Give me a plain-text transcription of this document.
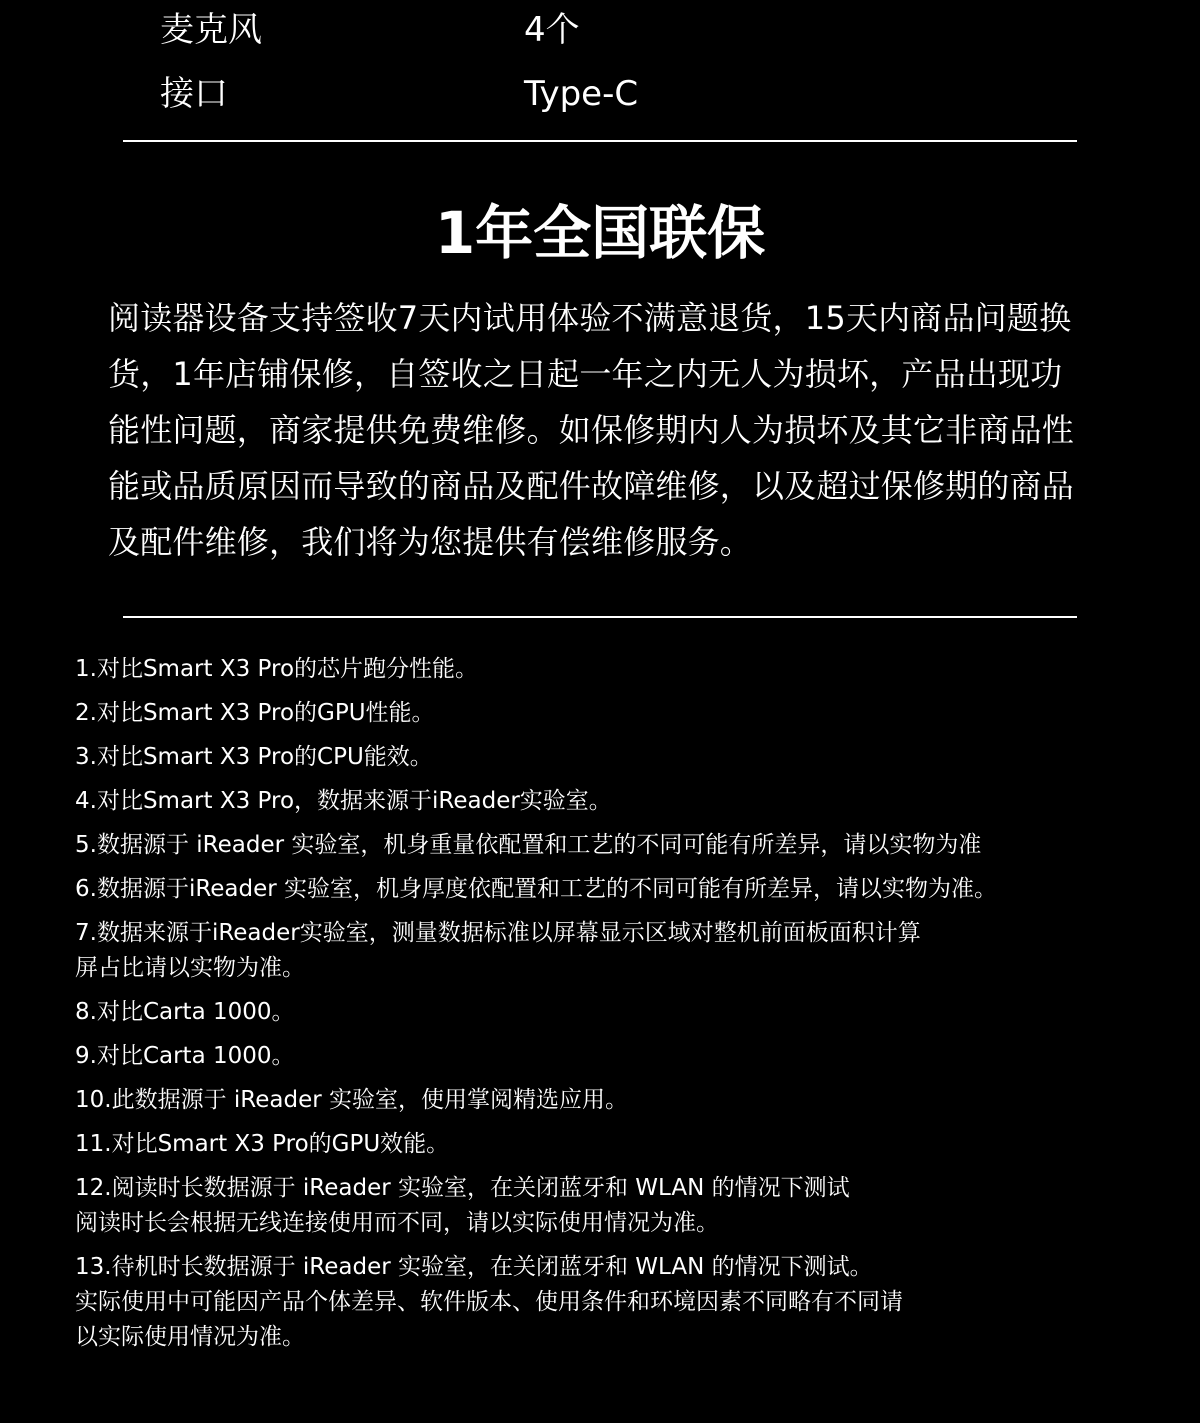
麦克风	4个
接口	Type-C
1年全国联保
阅读器设备支持签收7天内试用体验不满意退货，15天内商品问题换货，1年店铺保修，自签收之日起一年之内无人为损坏，产品出现功能性问题，商家提供免费维修。如保修期内人为损坏及其它非商品性能或品质原因而导致的商品及配件故障维修，以及超过保修期的商品及配件维修，我们将为您提供有偿维修服务。
1.对比Smart X3 Pro的芯片跑分性能。
2.对比Smart X3 Pro的GPU性能。
3.对比Smart X3 Pro的CPU能效。
4.对比Smart X3 Pro，数据来源于iReader实验室。
5.数据源于 iReader 实验室，机身重量依配置和工艺的不同可能有所差异，请以实物为准
6.数据源于iReader 实验室，机身厚度依配置和工艺的不同可能有所差异，请以实物为准。
7.数据来源于iReader实验室，测量数据标准以屏幕显示区域对整机前面板面积计算
屏占比请以实物为准。
8.对比Carta 1000。
9.对比Carta 1000。
10.此数据源于 iReader 实验室，使用掌阅精选应用。
11.对比Smart X3 Pro的GPU效能。
12.阅读时长数据源于 iReader 实验室，在关闭蓝牙和 WLAN 的情况下测试
阅读时长会根据无线连接使用而不同，请以实际使用情况为准。
13.待机时长数据源于 iReader 实验室，在关闭蓝牙和 WLAN 的情况下测试。
实际使用中可能因产品个体差异、软件版本、使用条件和环境因素不同略有不同请
以实际使用情况为准。
